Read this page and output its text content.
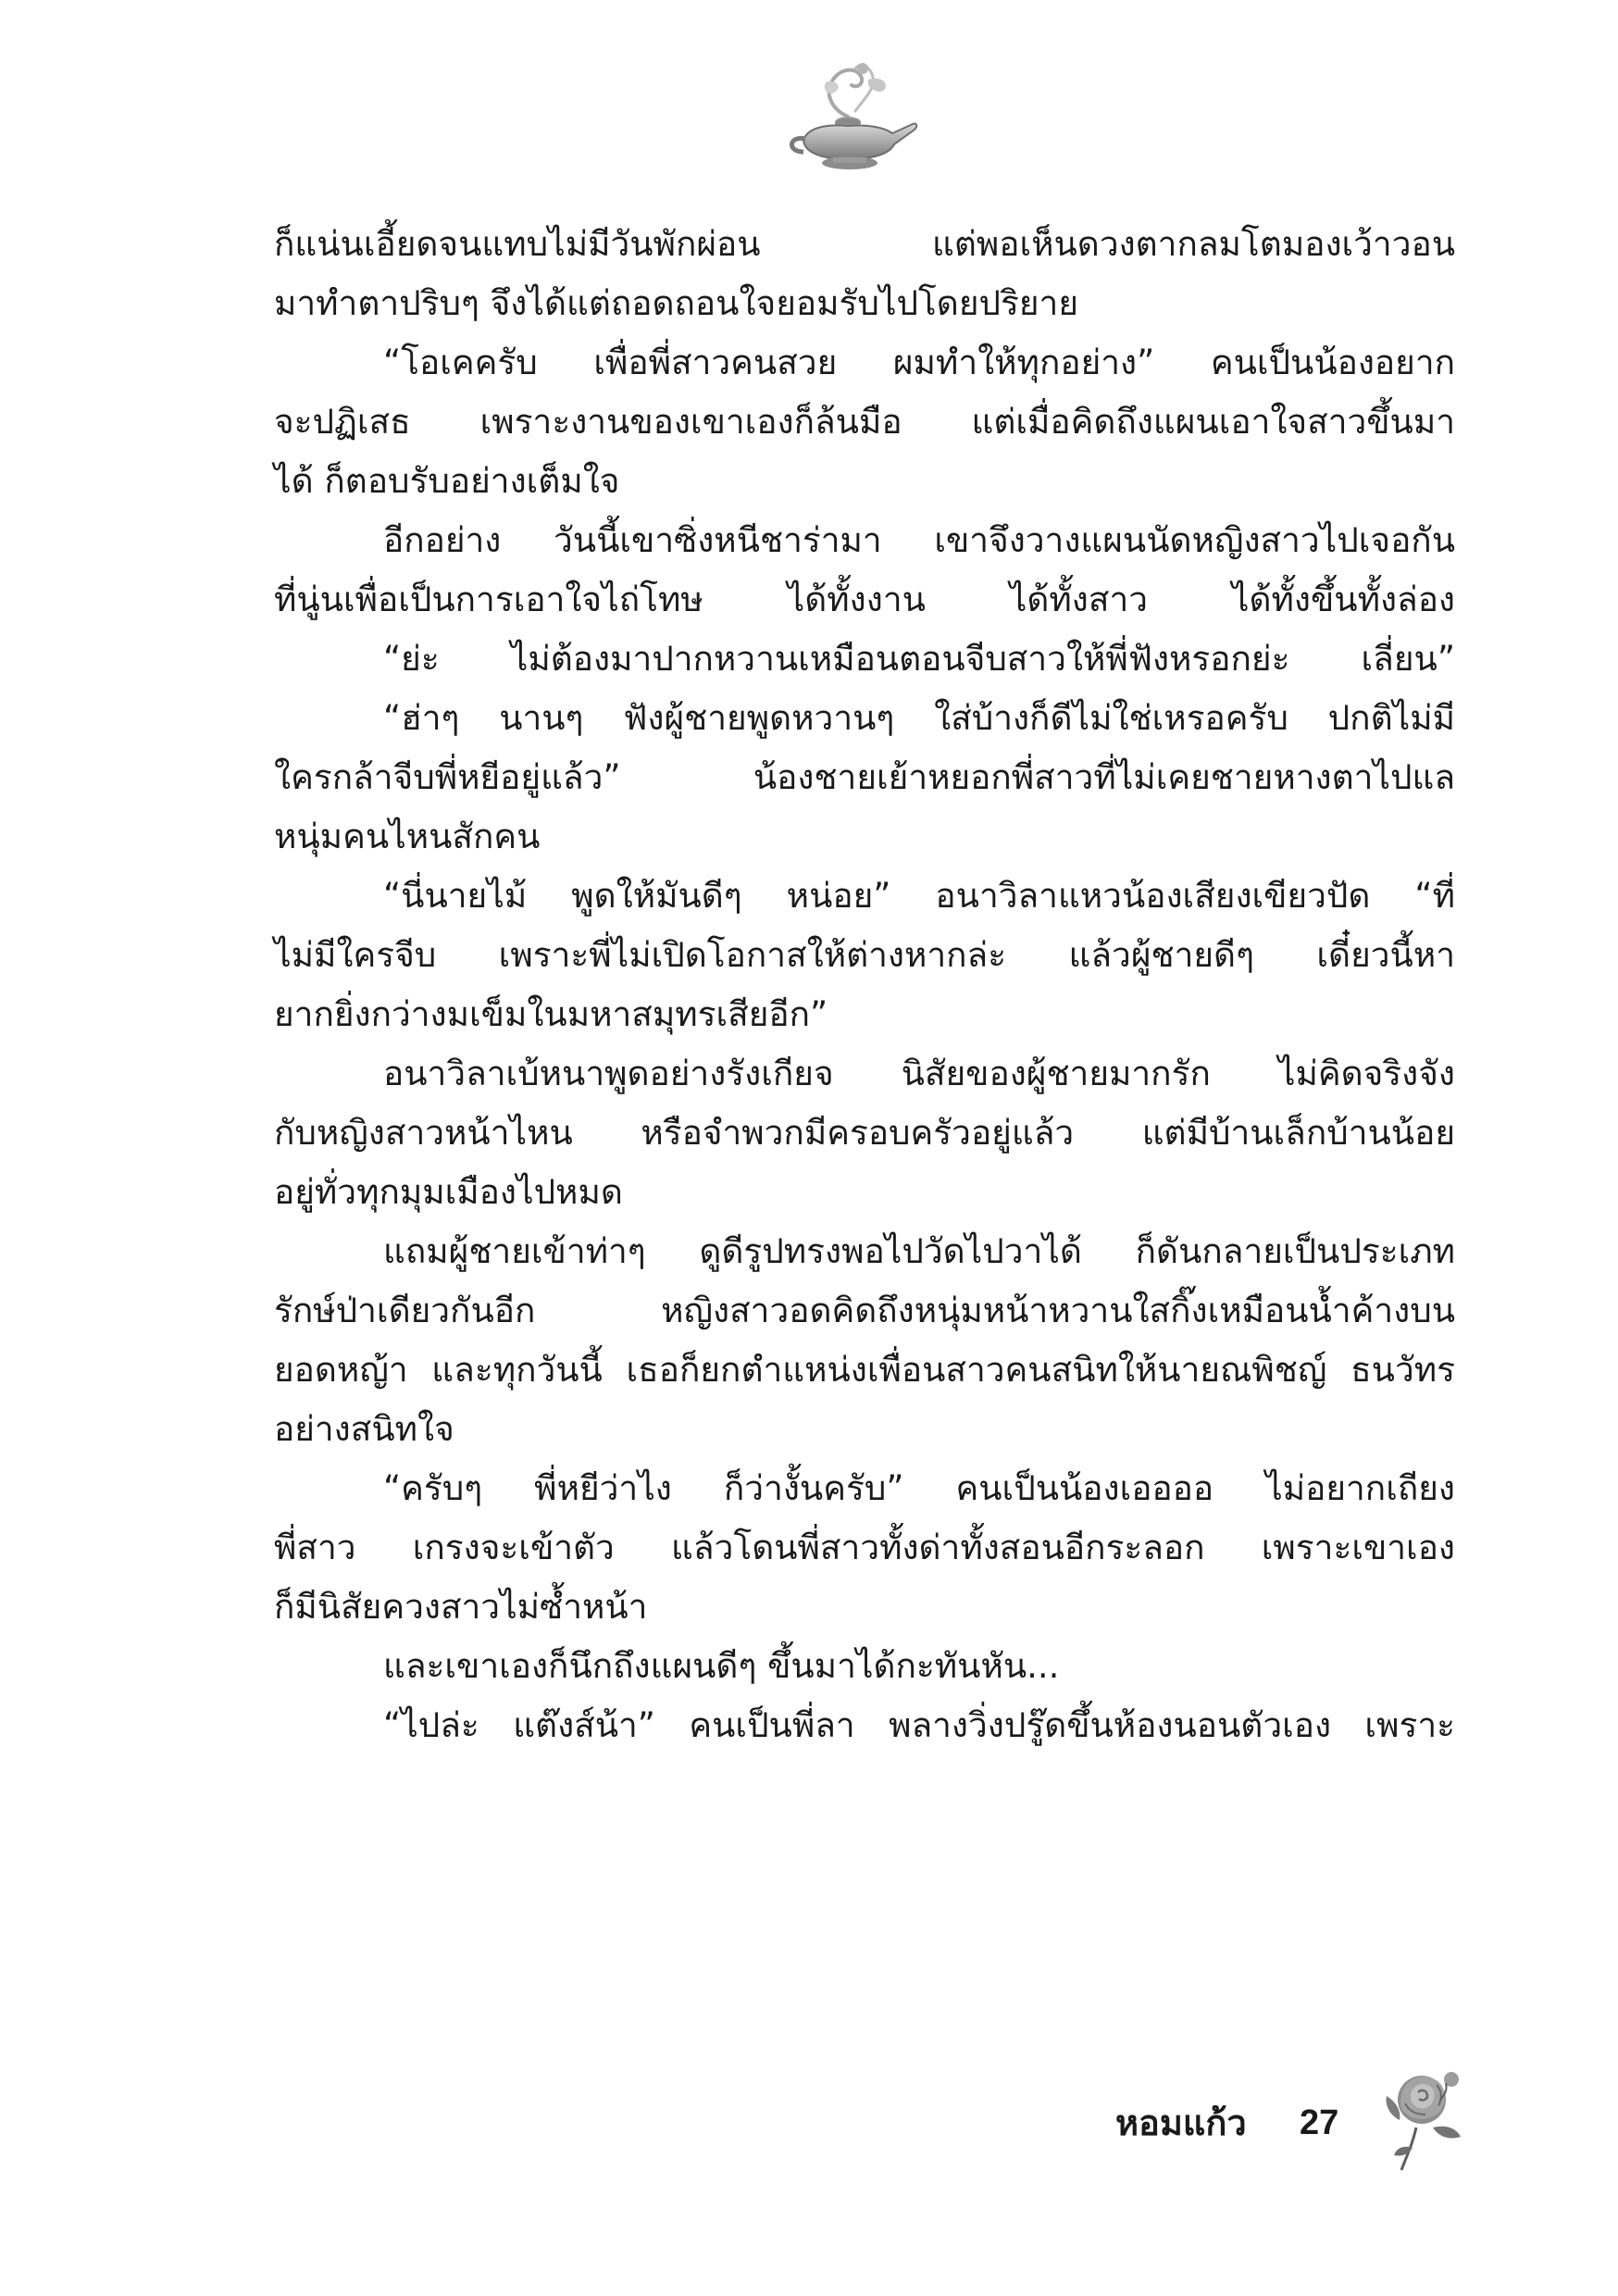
ก็แน่นเอี้ยดจนแทบไม่มีวันพักผ่อน แต่พอเห็นดวงตากลมโตมองเว้าวอน
มาทำตาปริบๆ จึงได้แต่ถอดถอนใจยอมรับไปโดยปริยาย
“โอเคครับ เพื่อพี่สาวคนสวย ผมทำให้ทุกอย่าง” คนเป็นน้องอยาก
จะปฏิเสธ เพราะงานของเขาเองก็ล้นมือ แต่เมื่อคิดถึงแผนเอาใจสาวขึ้นมา
ได้ ก็ตอบรับอย่างเต็มใจ
อีกอย่าง วันนี้เขาซิ่งหนีชาร่ามา เขาจึงวางแผนนัดหญิงสาวไปเจอกัน
ที่นู่นเพื่อเป็นการเอาใจไถ่โทษ ได้ทั้งงาน ได้ทั้งสาว ได้ทั้งขึ้นทั้งล่อง
“ย่ะ ไม่ต้องมาปากหวานเหมือนตอนจีบสาวให้พี่ฟังหรอกย่ะ เลี่ยน”
“ฮ่าๆ นานๆ ฟังผู้ชายพูดหวานๆ ใส่บ้างก็ดีไม่ใช่เหรอครับ ปกติไม่มี
ใครกล้าจีบพี่หยีอยู่แล้ว” น้องชายเย้าหยอกพี่สาวที่ไม่เคยชายหางตาไปแล
หนุ่มคนไหนสักคน
“นี่นายไม้ พูดให้มันดีๆ หน่อย” อนาวิลาแหวน้องเสียงเขียวปัด “ที่
ไม่มีใครจีบ เพราะพี่ไม่เปิดโอกาสให้ต่างหากล่ะ แล้วผู้ชายดีๆ เดี๋ยวนี้หา
ยากยิ่งกว่างมเข็มในมหาสมุทรเสียอีก”
อนาวิลาเบ้หนาพูดอย่างรังเกียจ นิสัยของผู้ชายมากรัก ไม่คิดจริงจัง
กับหญิงสาวหน้าไหน หรือจำพวกมีครอบครัวอยู่แล้ว แต่มีบ้านเล็กบ้านน้อย
อยู่ทั่วทุกมุมเมืองไปหมด
แถมผู้ชายเข้าท่าๆ ดูดีรูปทรงพอไปวัดไปวาได้ ก็ดันกลายเป็นประเภท
รักษ์ป่าเดียวกันอีก หญิงสาวอดคิดถึงหนุ่มหน้าหวานใสกิ๊งเหมือนน้ำค้างบน
ยอดหญ้า และทุกวันนี้ เธอก็ยกตำแหน่งเพื่อนสาวคนสนิทให้นายณพิชญ์ ธนวัทร
อย่างสนิทใจ
“ครับๆ พี่หยีว่าไง ก็ว่างั้นครับ” คนเป็นน้องเออออ ไม่อยากเถียง
พี่สาว เกรงจะเข้าตัว แล้วโดนพี่สาวทั้งด่าทั้งสอนอีกระลอก เพราะเขาเอง
ก็มีนิสัยควงสาวไม่ซ้ำหน้า
และเขาเองก็นึกถึงแผนดีๆ ขึ้นมาได้กะทันหัน...
“ไปล่ะ แต๊งส์น้า” คนเป็นพี่ลา พลางวิ่งปรู๊ดขึ้นห้องนอนตัวเอง เพราะ
หอมแก้ว 27
